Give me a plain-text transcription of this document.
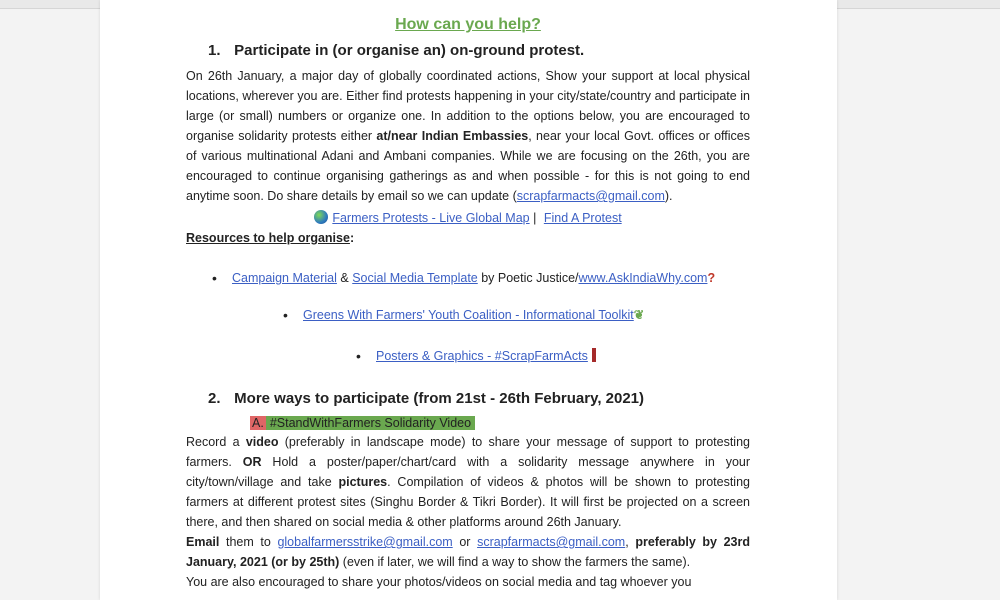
How can you help?
1. Participate in (or organise an) on-ground protest.

On 26th January, a major day of globally coordinated actions, Show your support at local physical locations, wherever you are. Either find protests happening in your city/state/country and participate in large (or small) numbers or organize one. In addition to the options below, you are encouraged to organise solidarity protests either at/near Indian Embassies, near your local Govt. offices or offices of various multinational Adani and Ambani companies. While we are focusing on the 26th, you are encouraged to continue organising gatherings as and when possible - for this is not going to end anytime soon. Do share details by email so we can update (scrapfarmacts@gmail.com).

Farmers Protests - Live Global Map | Find A Protest
Resources to help organise:
• Campaign Material & Social Media Template by Poetic Justice/www.AskIndiaWhy.com?
• Greens With Farmers' Youth Coalition - Informational Toolkit❦
• Posters & Graphics - #ScrapFarmActs
2. More ways to participate (from 21st - 26th February, 2021)
A. #StandWithFarmers Solidarity Video

Record a video (preferably in landscape mode) to share your message of support to protesting farmers. OR Hold a poster/paper/chart/card with a solidarity message anywhere in your city/town/village and take pictures. Compilation of videos & photos will be shown to protesting farmers at different protest sites (Singhu Border & Tikri Border). It will first be projected on a screen there, and then shared on social media & other platforms around 26th January.

Email them to globalfarmersstrike@gmail.com or scrapfarmacts@gmail.com, preferably by 23rd January, 2021 (or by 25th) (even if later, we will find a way to show the farmers the same).

You are also encouraged to share your photos/videos on social media and tag whoever you
